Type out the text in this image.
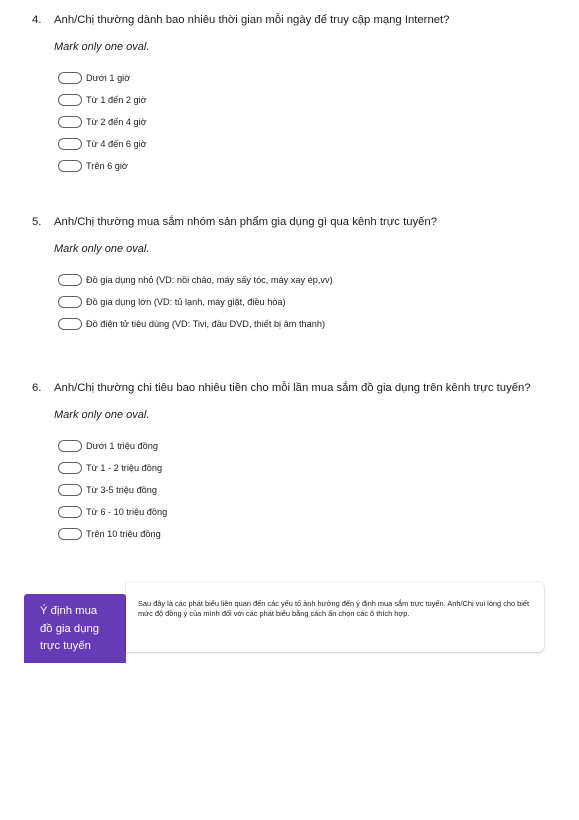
4.	Anh/Chị thường dành bao nhiêu thời gian mỗi ngày để truy cập mạng Internet?
Mark only one oval.
Dưới 1 giờ
Từ 1 đến 2 giờ
Từ 2 đến 4 giờ
Từ 4 đến 6 giờ
Trên 6 giờ
5.	Anh/Chị thường mua sắm nhóm sản phẩm gia dụng gì qua kênh trực tuyến?
Mark only one oval.
Đồ gia dụng nhỏ (VD: nồi chảo, máy sấy tóc, máy xay ép,vv)
Đồ gia dụng lớn (VD: tủ lạnh, máy giặt, điều hòa)
Đồ điện tử tiêu dùng (VD: Tivi, đầu DVD, thiết bị âm thanh)
6.	Anh/Chị thường chi tiêu bao nhiêu tiền cho mỗi lần mua sắm đồ gia dụng trên kênh trực tuyến?
Mark only one oval.
Dưới 1 triệu đồng
Từ 1 - 2 triệu đồng
Từ 3-5 triệu đồng
Từ 6 - 10 triệu đồng
Trên 10 triệu đồng
Ý định mua
đồ gia dụng
trực tuyến
Sau đây là các phát biểu liên quan đến các yếu tố ảnh hưởng đến ý định mua sắm trực tuyến. Anh/Chị vui lòng cho biết mức độ đồng ý của mình đối với các phát biểu bằng cách ấn chọn các ô thích hợp.
